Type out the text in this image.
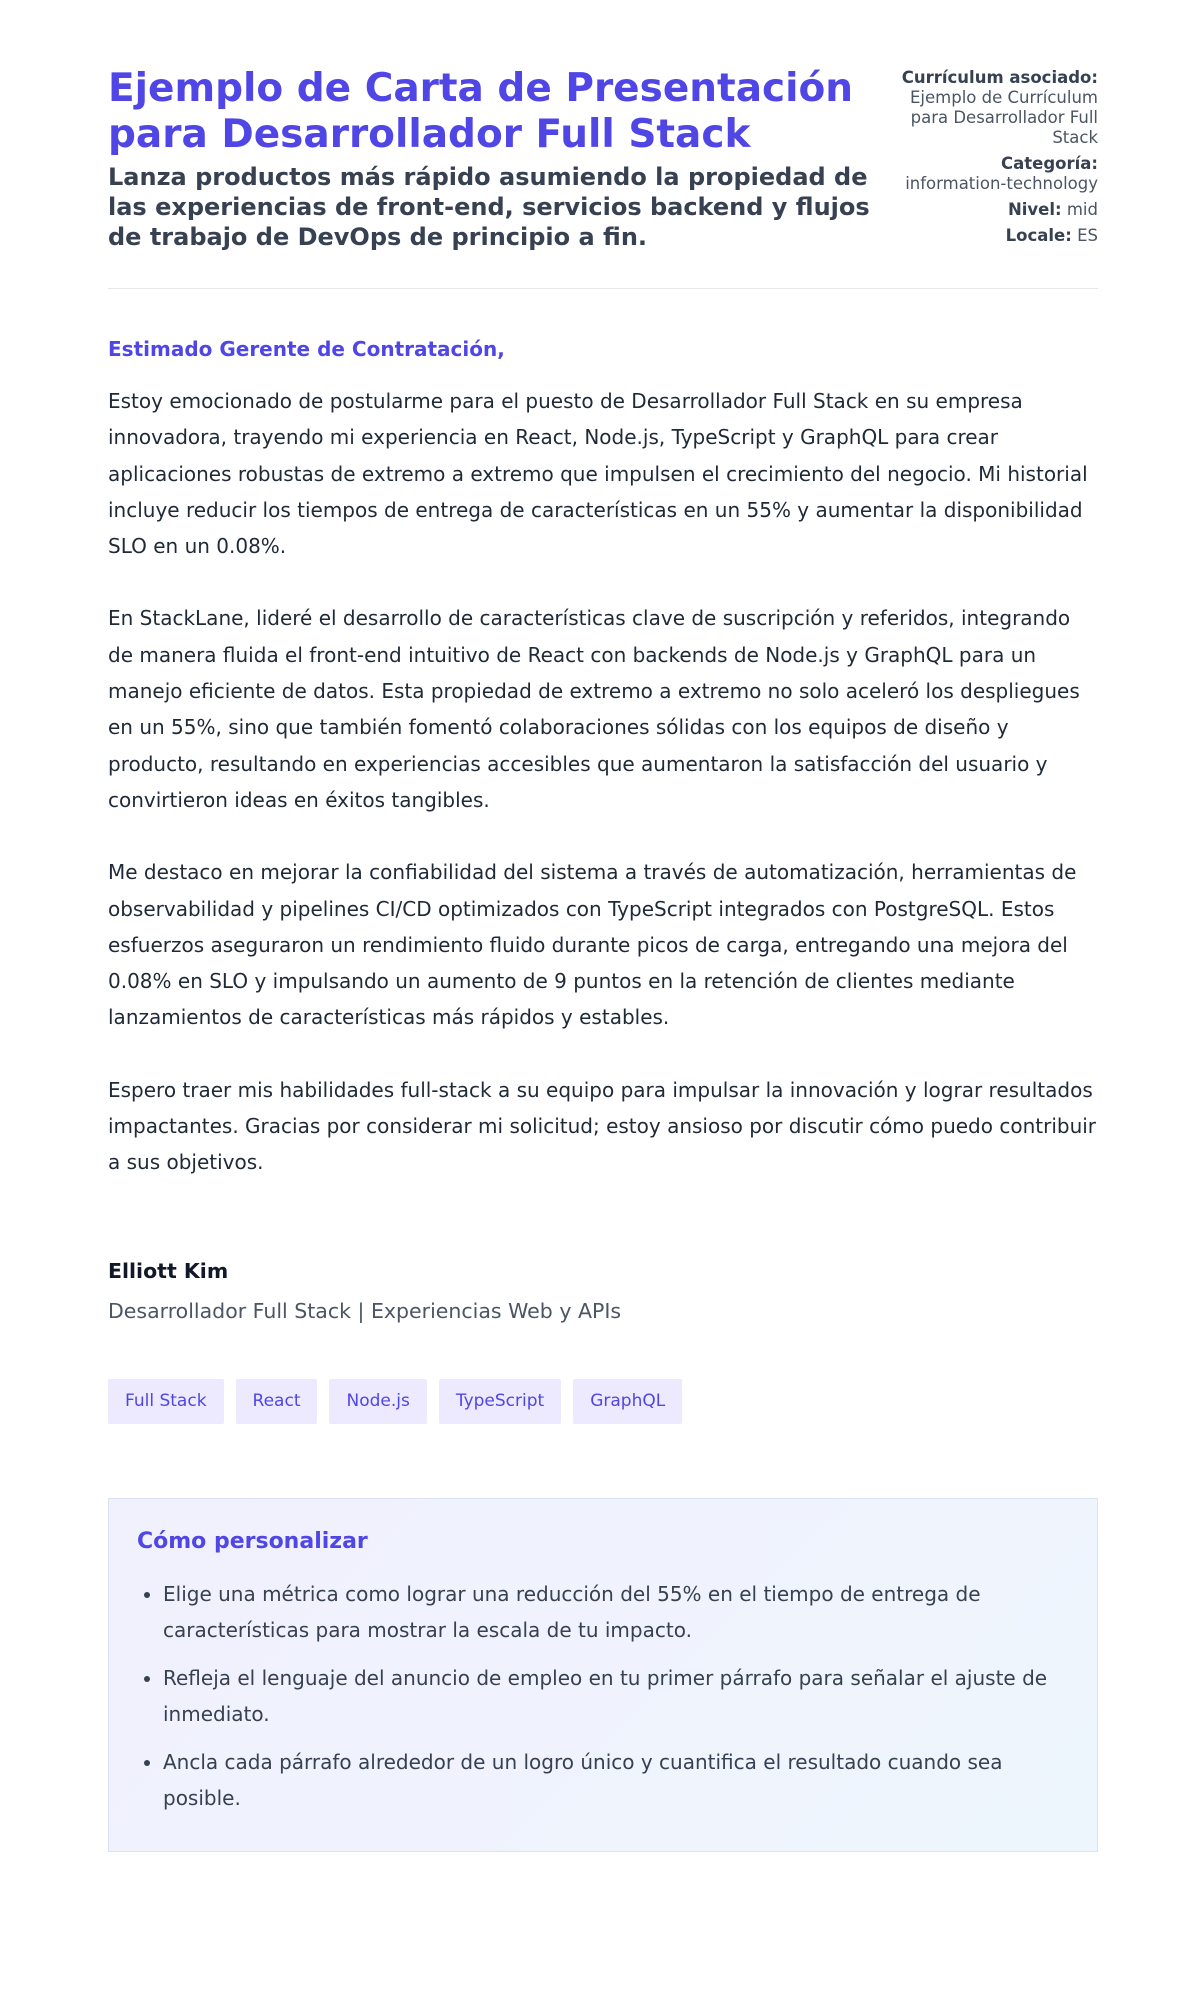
Ejemplo de Carta de Presentación para Desarrollador Full Stack
Lanza productos más rápido asumiendo la propiedad de las experiencias de front-end, servicios backend y flujos de trabajo de DevOps de principio a fin.
Currículum asociado:
Ejemplo de Currículum para Desarrollador Full Stack
Categoría: information-technology
Nivel: mid
Locale: ES
Estimado Gerente de Contratación,

Estoy emocionado de postularme para el puesto de Desarrollador Full Stack en su empresa innovadora, trayendo mi experiencia en React, Node.js, TypeScript y GraphQL para crear aplicaciones robustas de extremo a extremo que impulsen el crecimiento del negocio. Mi historial incluye reducir los tiempos de entrega de características en un 55% y aumentar la disponibilidad SLO en un 0.08%.

En StackLane, lideré el desarrollo de características clave de suscripción y referidos, integrando de manera fluida el front-end intuitivo de React con backends de Node.js y GraphQL para un manejo eficiente de datos. Esta propiedad de extremo a extremo no solo aceleró los despliegues en un 55%, sino que también fomentó colaboraciones sólidas con los equipos de diseño y producto, resultando en experiencias accesibles que aumentaron la satisfacción del usuario y convirtieron ideas en éxitos tangibles.

Me destaco en mejorar la confiabilidad del sistema a través de automatización, herramientas de observabilidad y pipelines CI/CD optimizados con TypeScript integrados con PostgreSQL. Estos esfuerzos aseguraron un rendimiento fluido durante picos de carga, entregando una mejora del 0.08% en SLO y impulsando un aumento de 9 puntos en la retención de clientes mediante lanzamientos de características más rápidos y estables.

Espero traer mis habilidades full-stack a su equipo para impulsar la innovación y lograr resultados impactantes. Gracias por considerar mi solicitud; estoy ansioso por discutir cómo puedo contribuir a sus objetivos.

Elliott Kim
Desarrollador Full Stack | Experiencias Web y APIs
Full Stack	React	Node.js	TypeScript	GraphQL
Cómo personalizar
• Elige una métrica como lograr una reducción del 55% en el tiempo de entrega de características para mostrar la escala de tu impacto.
• Refleja el lenguaje del anuncio de empleo en tu primer párrafo para señalar el ajuste de inmediato.
• Ancla cada párrafo alrededor de un logro único y cuantifica el resultado cuando sea posible.
